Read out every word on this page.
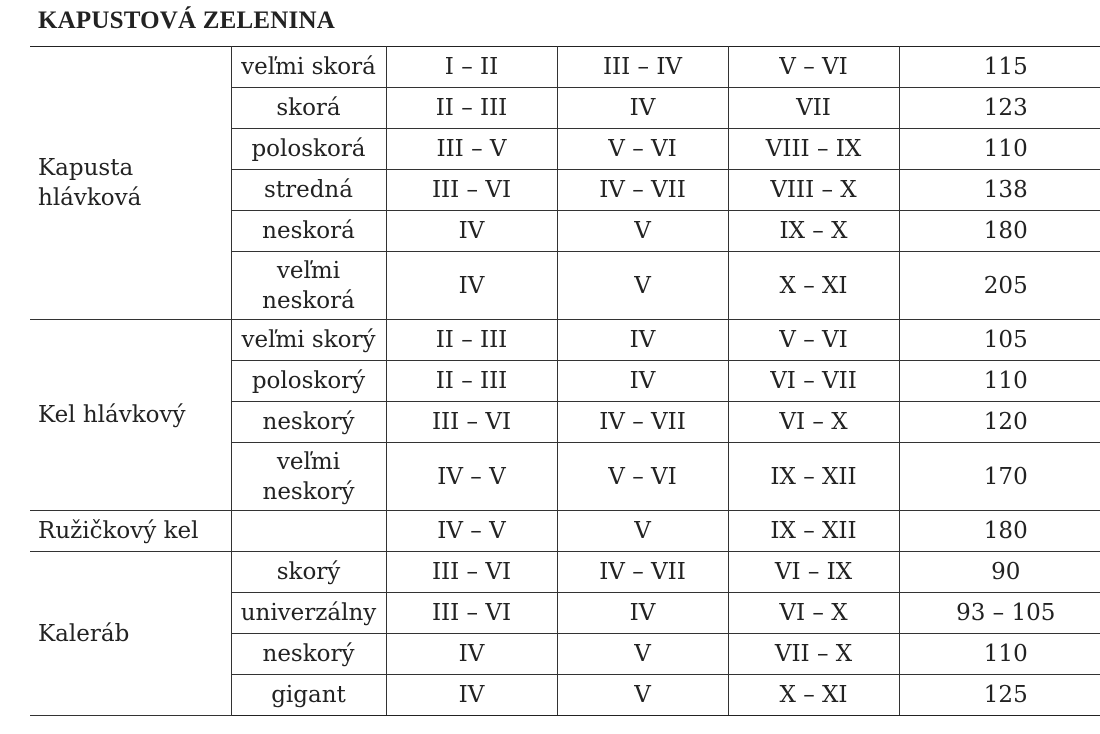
KAPUSTOVÁ ZELENINA
Kapusta hlávková	veľmi skorá	I – II	III – IV	V – VI	115
	skorá	II – III	IV	VII	123
	poloskorá	III – V	V – VI	VIII – IX	110
	stredná	III – VI	IV – VII	VIII – X	138
	neskorá	IV	V	IX – X	180
	veľmi neskorá	IV	V	X – XI	205
Kel hlávkový	veľmi skorý	II – III	IV	V – VI	105
	poloskorý	II – III	IV	VI – VII	110
	neskorý	III – VI	IV – VII	VI – X	120
	veľmi neskorý	IV – V	V – VI	IX – XII	170
Ružičkový kel		IV – V	V	IX – XII	180
Kaleráb	skorý	III – VI	IV – VII	VI – IX	90
	univerzálny	III – VI	IV	VI – X	93 – 105
	neskorý	IV	V	VII – X	110
	gigant	IV	V	X – XI	125
